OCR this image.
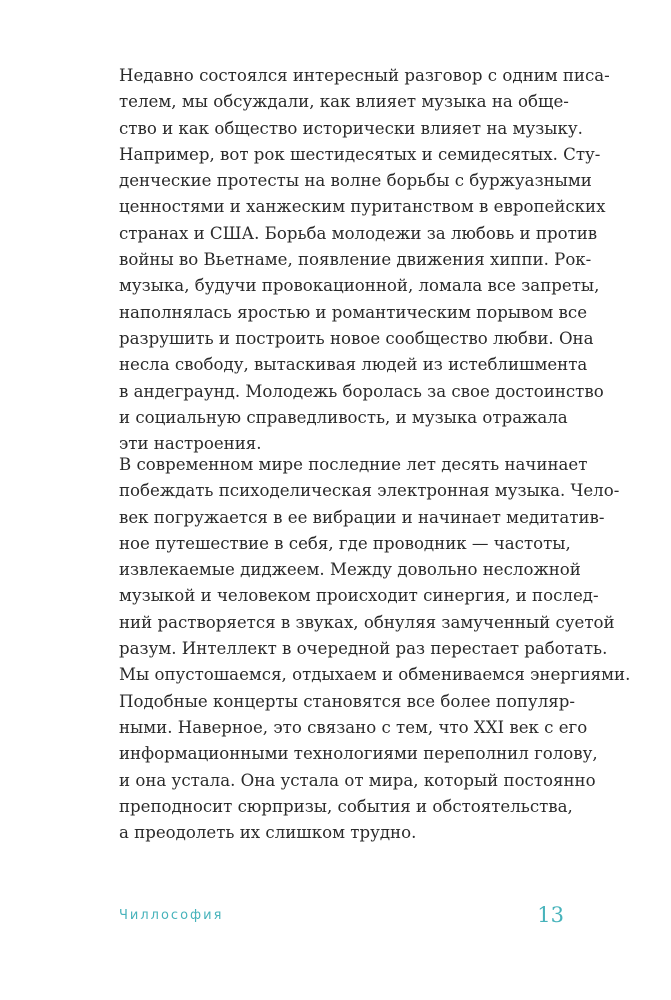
Недавно состоялся интересный разговор с одним писа-
телем, мы обсуждали, как влияет музыка на обще-
ство и как общество исторически влияет на музыку.
Например, вот рок шестидесятых и семидесятых. Сту-
денческие протесты на волне борьбы с буржуазными
ценностями и ханжеским пуританством в европейских
странах и США. Борьба молодежи за любовь и против
войны во Вьетнаме, появление движения хиппи. Рок-
музыка, будучи провокационной, ломала все запреты,
наполнялась яростью и романтическим порывом все
разрушить и построить новое сообщество любви. Она
несла свободу, вытаскивая людей из истеблишмента
в андеграунд. Молодежь боролась за свое достоинство
и социальную справедливость, и музыка отражала
эти настроения.
В современном мире последние лет десять начинает
побеждать психоделическая электронная музыка. Чело-
век погружается в ее вибрации и начинает медитатив-
ное путешествие в себя, где проводник — частоты,
извлекаемые диджеем. Между довольно несложной
музыкой и человеком происходит синергия, и послед-
ний растворяется в звуках, обнуляя замученный суетой
разум. Интеллект в очередной раз перестает работать.
Мы опустошаемся, отдыхаем и обмениваемся энергиями.
Подобные концерты становятся все более популяр-
ными. Наверное, это связано с тем, что XXI век с его
информационными технологиями переполнил голову,
и она устала. Она устала от мира, который постоянно
преподносит сюрпризы, события и обстоятельства,
а преодолеть их слишком трудно.
Чиллософия	13
